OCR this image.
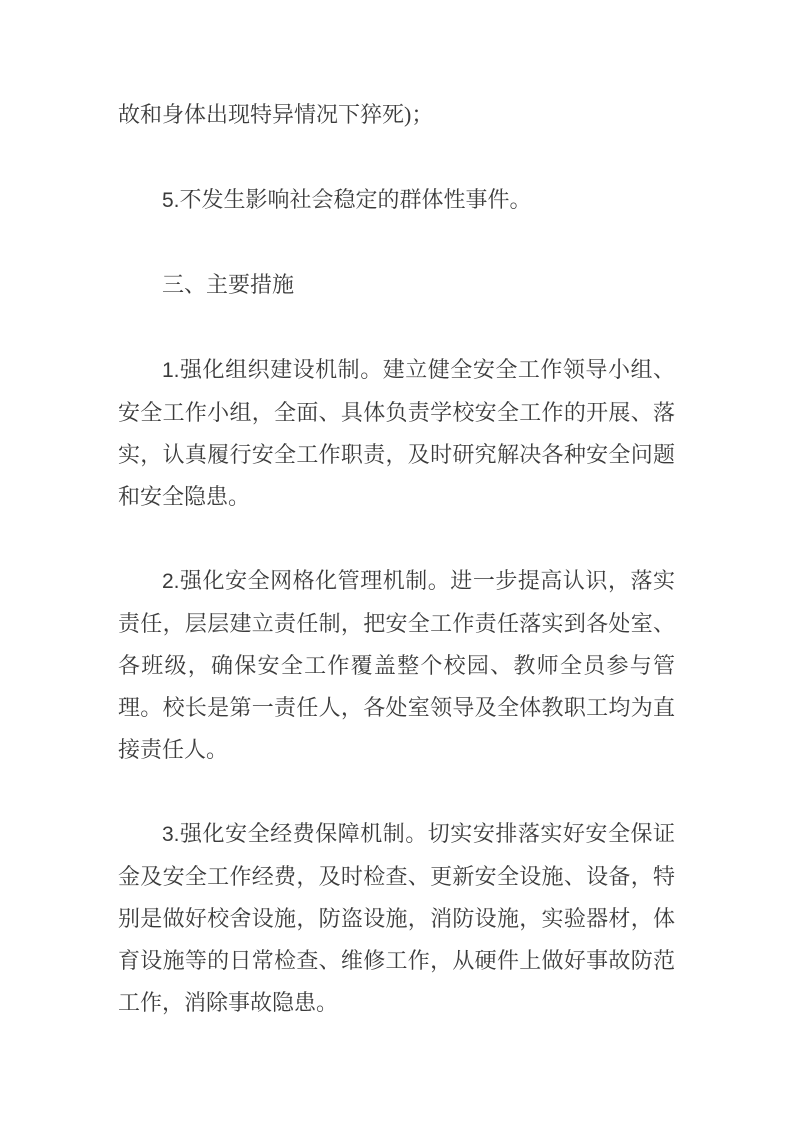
故和身体出现特异情况下猝死)；

5.不发生影响社会稳定的群体性事件。

三、主要措施

1.强化组织建设机制。建立健全安全工作领导小组、安全工作小组，全面、具体负责学校安全工作的开展、落实，认真履行安全工作职责，及时研究解决各种安全问题和安全隐患。

2.强化安全网格化管理机制。进一步提高认识，落实责任，层层建立责任制，把安全工作责任落实到各处室、各班级，确保安全工作覆盖整个校园、教师全员参与管理。校长是第一责任人，各处室领导及全体教职工均为直接责任人。

3.强化安全经费保障机制。切实安排落实好安全保证金及安全工作经费，及时检查、更新安全设施、设备，特别是做好校舍设施，防盗设施，消防设施，实验器材，体育设施等的日常检查、维修工作，从硬件上做好事故防范工作，消除事故隐患。
